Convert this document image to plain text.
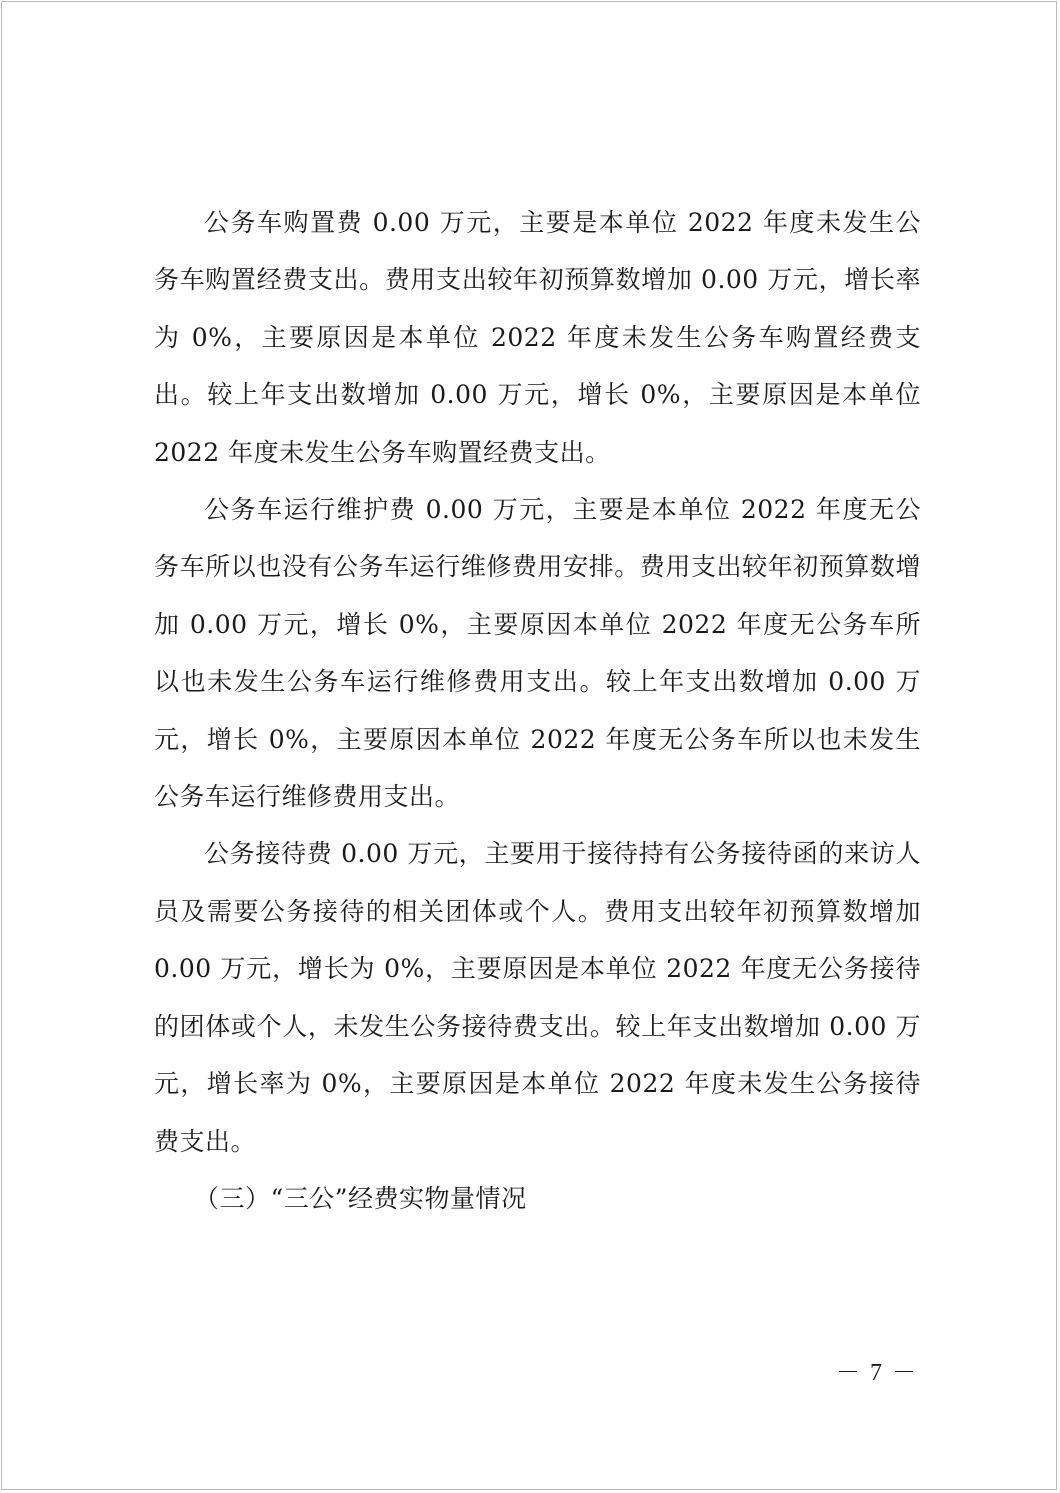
公务车购置费 0.00 万元，主要是本单位 2022 年度未发生公务车购置经费支出。费用支出较年初预算数增加 0.00 万元，增长率为 0%，主要原因是本单位 2022 年度未发生公务车购置经费支出。较上年支出数增加 0.00 万元，增长 0%，主要原因是本单位 2022 年度未发生公务车购置经费支出。

公务车运行维护费 0.00 万元，主要是本单位 2022 年度无公务车所以也没有公务车运行维修费用安排。费用支出较年初预算数增加 0.00 万元，增长 0%，主要原因本单位 2022 年度无公务车所以也未发生公务车运行维修费用支出。较上年支出数增加 0.00 万元，增长 0%，主要原因本单位 2022 年度无公务车所以也未发生公务车运行维修费用支出。

公务接待费 0.00 万元，主要用于接待持有公务接待函的来访人员及需要公务接待的相关团体或个人。费用支出较年初预算数增加 0.00 万元，增长为 0%，主要原因是本单位 2022 年度无公务接待的团体或个人，未发生公务接待费支出。较上年支出数增加 0.00 万元，增长率为 0%，主要原因是本单位 2022 年度未发生公务接待费支出。

（三）“三公”经费实物量情况

－ 7 －
